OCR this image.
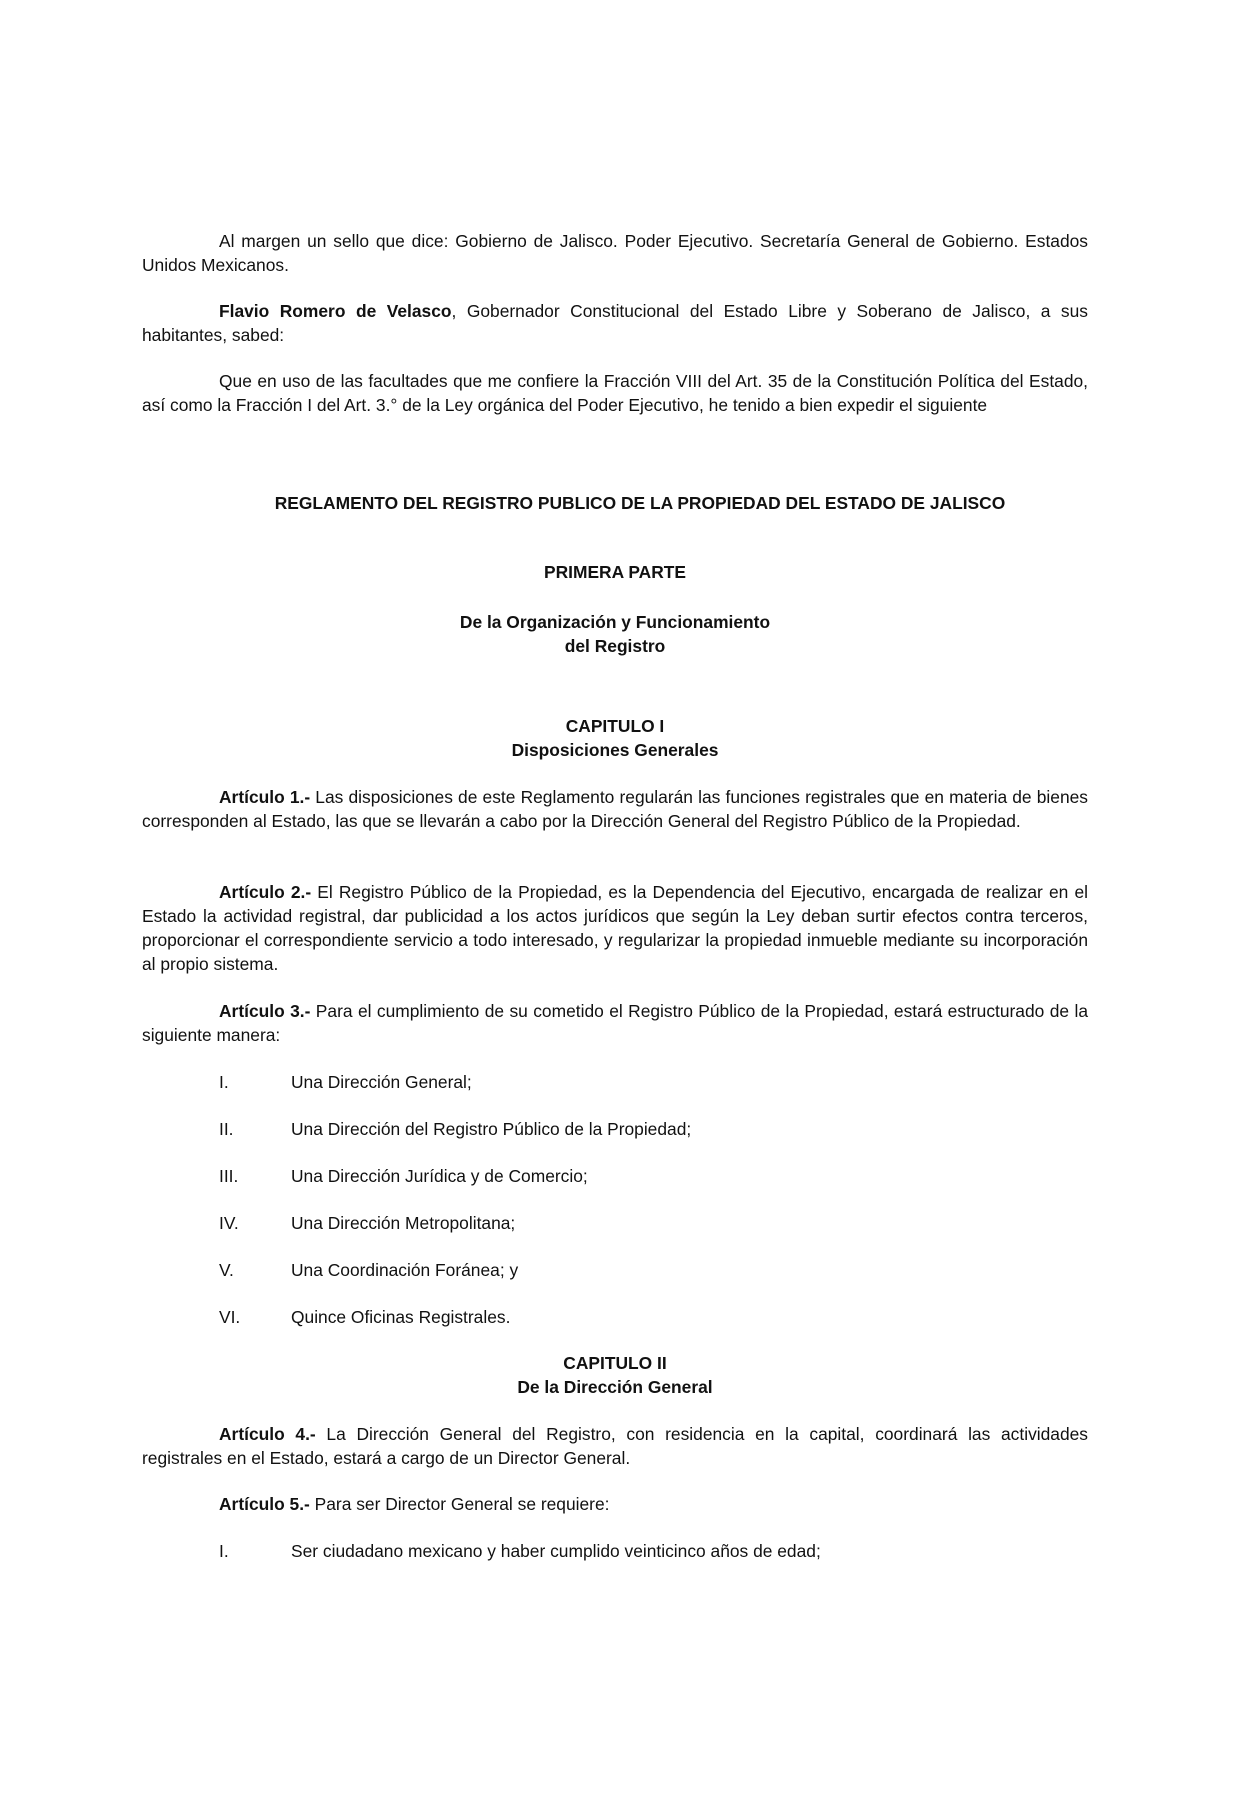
Al margen un sello que dice: Gobierno de Jalisco. Poder Ejecutivo. Secretaría General de Gobierno. Estados Unidos Mexicanos.

Flavio Romero de Velasco, Gobernador Constitucional del Estado Libre y Soberano de Jalisco, a sus habitantes, sabed:

Que en uso de las facultades que me confiere la Fracción VIII del Art. 35 de la Constitución Política del Estado, así como la Fracción I del Art. 3.° de la Ley orgánica del Poder Ejecutivo, he tenido a bien expedir el siguiente

REGLAMENTO DEL REGISTRO PUBLICO DE LA PROPIEDAD DEL ESTADO DE JALISCO

PRIMERA PARTE

De la Organización y Funcionamiento
del Registro

CAPITULO I
Disposiciones Generales

Artículo 1.- Las disposiciones de este Reglamento regularán las funciones registrales que en materia de bienes corresponden al Estado, las que se llevarán a cabo por la Dirección General del Registro Público de la Propiedad.

Artículo 2.- El Registro Público de la Propiedad, es la Dependencia del Ejecutivo, encargada de realizar en el Estado la actividad registral, dar publicidad a los actos jurídicos que según la Ley deban surtir efectos contra terceros, proporcionar el correspondiente servicio a todo interesado, y regularizar la propiedad inmueble mediante su incorporación al propio sistema.

Artículo 3.- Para el cumplimiento de su cometido el Registro Público de la Propiedad, estará estructurado de la siguiente manera:

I.	Una Dirección General;
II.	Una Dirección del Registro Público de la Propiedad;
III.	Una Dirección Jurídica y de Comercio;
IV.	Una Dirección Metropolitana;
V.	Una Coordinación Foránea; y
VI.	Quince Oficinas Registrales.

CAPITULO II
De la Dirección General

Artículo 4.- La Dirección General del Registro, con residencia en la capital, coordinará las actividades registrales en el Estado, estará a cargo de un Director General.

Artículo 5.- Para ser Director General se requiere:

I.	Ser ciudadano mexicano y haber cumplido veinticinco años de edad;
